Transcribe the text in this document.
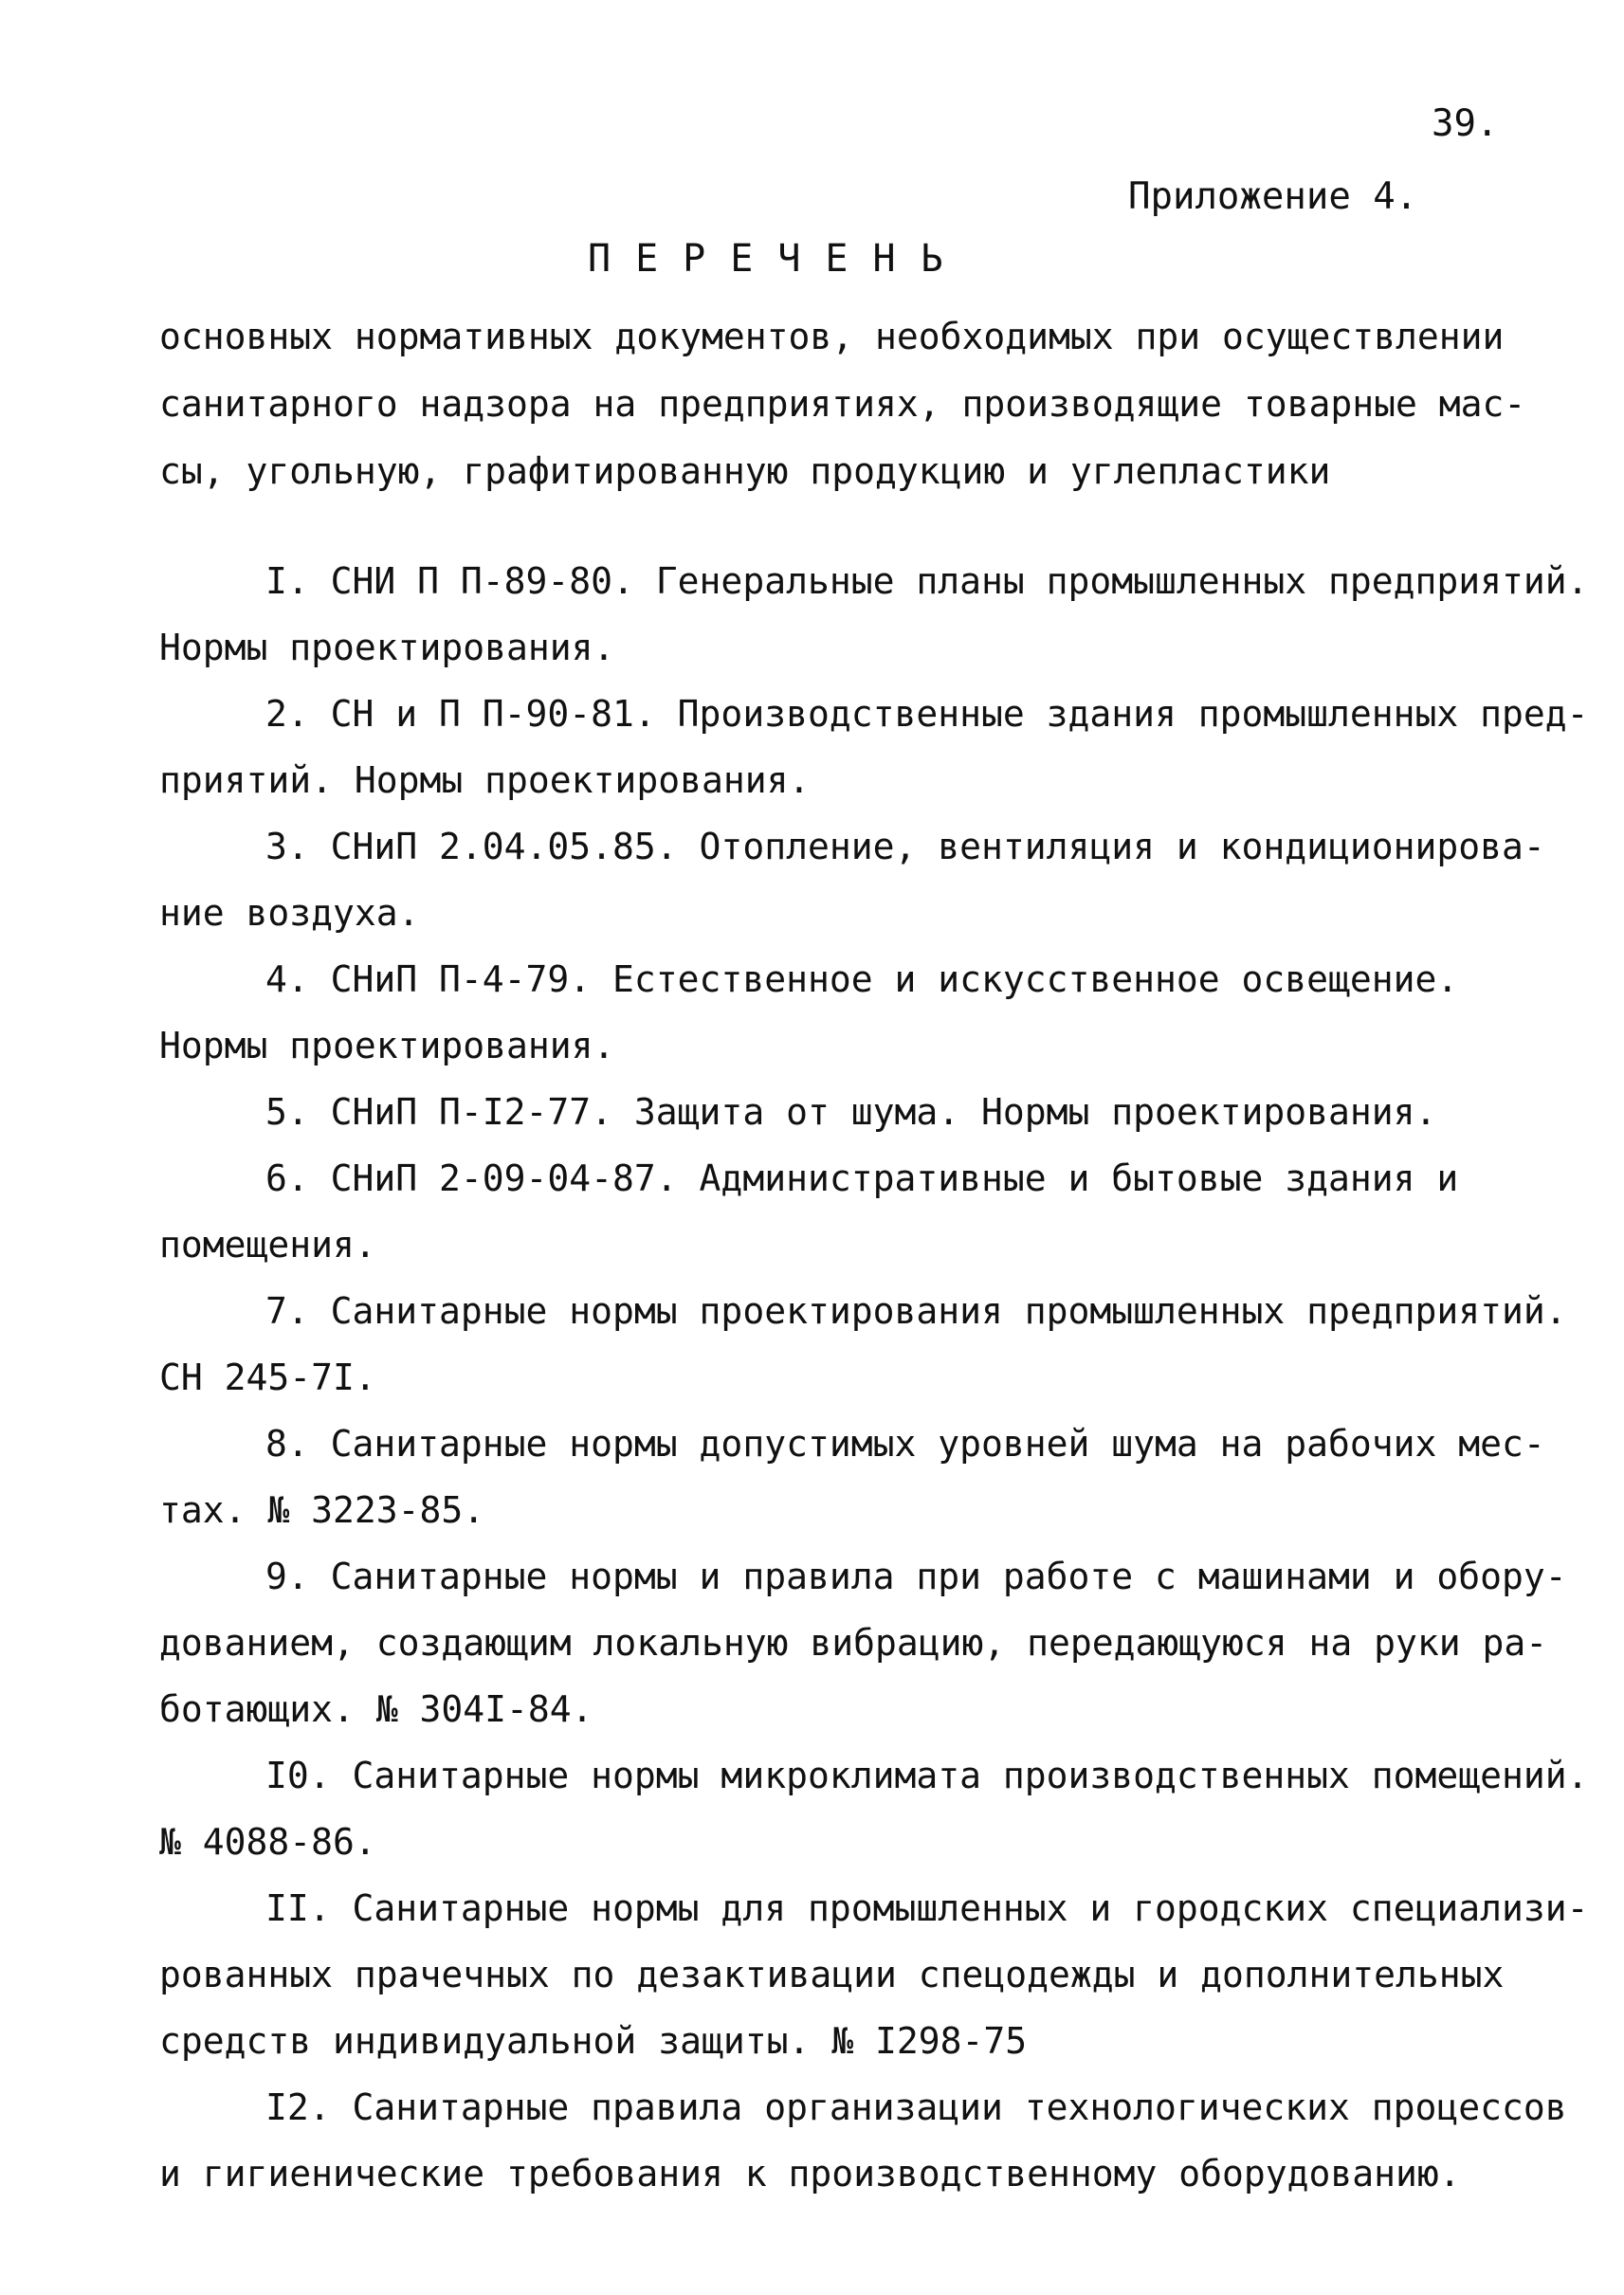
39.
Приложение 4.
ПЕРЕЧЕНЬ
основных нормативных документов, необходимых при осуществлении
санитарного надзора на предприятиях, производящие товарные мас-
сы, угольную, графитированную продукцию и углепластики
I. СНИ П П-89-80. Генеральные планы промышленных предприятий.
Нормы проектирования.
2. СН и П П-90-81. Производственные здания промышленных пред-
приятий. Нормы проектирования.
3. СНиП 2.04.05.85. Отопление, вентиляция и кондиционирова-
ние воздуха.
4. СНиП П-4-79. Естественное и искусственное освещение.
Нормы проектирования.
5. СНиП П-I2-77. Защита от шума. Нормы проектирования.
6. СНиП 2-09-04-87. Административные и бытовые здания и
помещения.
7. Санитарные нормы проектирования промышленных предприятий.
СН 245-7I.
8. Санитарные нормы допустимых уровней шума на рабочих мес-
тах. № 3223-85.
9. Санитарные нормы и правила при работе с машинами и обору-
дованием, создающим локальную вибрацию, передающуюся на руки ра-
ботающих. № 304I-84.
I0. Санитарные нормы микроклимата производственных помещений.
№ 4088-86.
II. Санитарные нормы для промышленных и городских специализи-
рованных прачечных по дезактивации спецодежды и дополнительных
средств индивидуальной защиты. № I298-75
I2. Санитарные правила организации технологических процессов
и гигиенические требования к производственному оборудованию.
